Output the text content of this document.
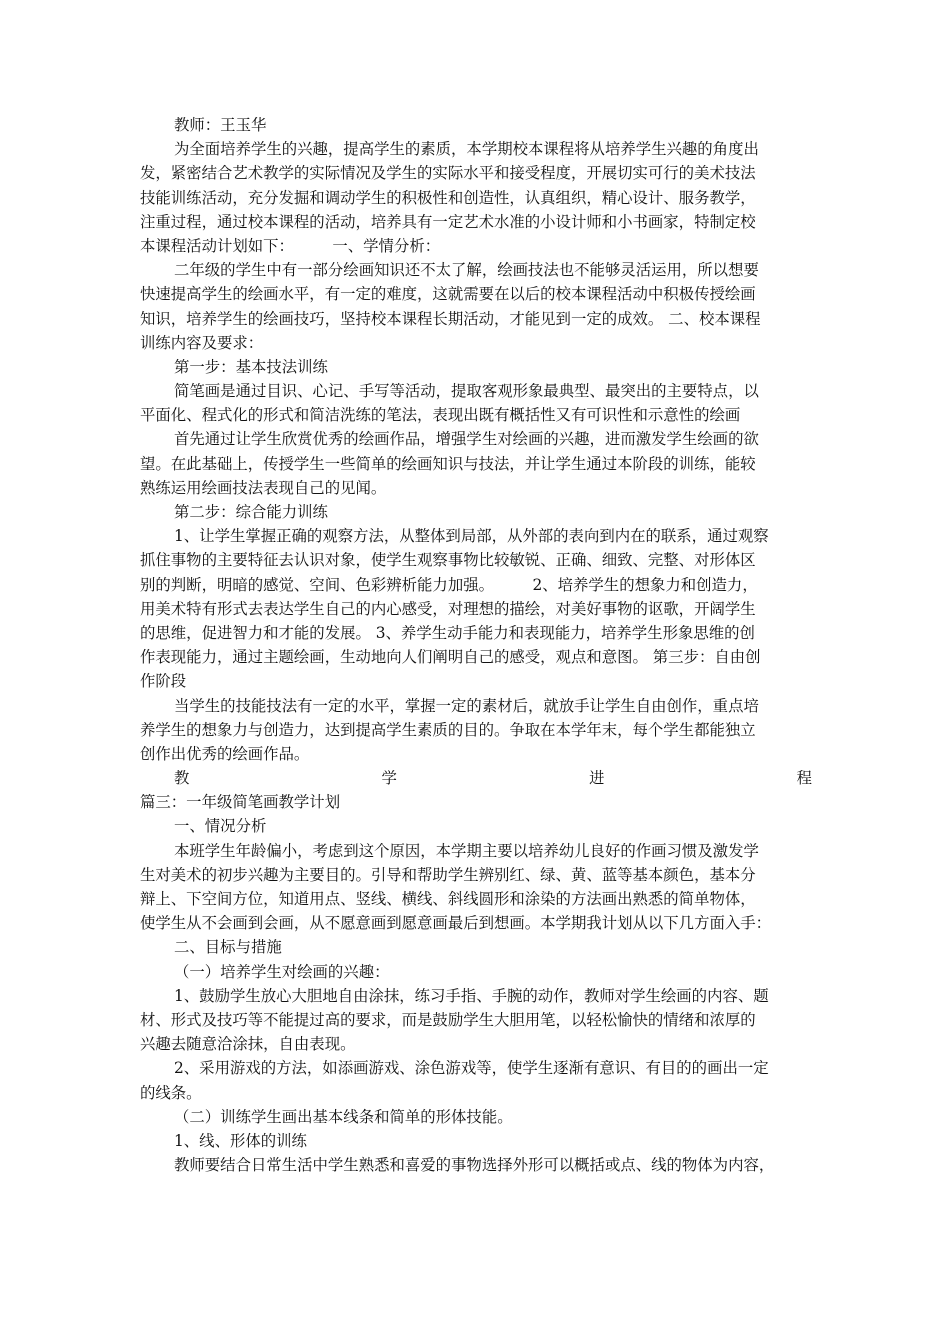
教师：王玉华
为全面培养学生的兴趣，提高学生的素质，本学期校本课程将从培养学生兴趣的角度出
发，紧密结合艺术教学的实际情况及学生的实际水平和接受程度，开展切实可行的美术技法
技能训练活动，充分发掘和调动学生的积极性和创造性，认真组织，精心设计、服务教学，
注重过程，通过校本课程的活动，培养具有一定艺术水准的小设计师和小书画家，特制定校
本课程活动计划如下：　　　一、学情分析：
二年级的学生中有一部分绘画知识还不太了解，绘画技法也不能够灵活运用，所以想要
快速提高学生的绘画水平，有一定的难度，这就需要在以后的校本课程活动中积极传授绘画
知识，培养学生的绘画技巧，坚持校本课程长期活动，才能见到一定的成效。 二、校本课程
训练内容及要求：
第一步：基本技法训练
简笔画是通过目识、心记、手写等活动，提取客观形象最典型、最突出的主要特点，以
平面化、程式化的形式和简洁洗练的笔法，表现出既有概括性又有可识性和示意性的绘画
首先通过让学生欣赏优秀的绘画作品，增强学生对绘画的兴趣，进而激发学生绘画的欲
望。在此基础上，传授学生一些简单的绘画知识与技法，并让学生通过本阶段的训练，能较
熟练运用绘画技法表现自己的见闻。
第二步：综合能力训练
1、让学生掌握正确的观察方法，从整体到局部，从外部的表向到内在的联系，通过观察
抓住事物的主要特征去认识对象，使学生观察事物比较敏锐、正确、细致、完整、对形体区
别的判断，明暗的感觉、空间、色彩辨析能力加强。　　　2、培养学生的想象力和创造力，
用美术特有形式去表达学生自己的内心感受，对理想的描绘，对美好事物的讴歌，开阔学生
的思维，促进智力和才能的发展。 3、养学生动手能力和表现能力，培养学生形象思维的创
作表现能力，通过主题绘画，生动地向人们阐明自己的感受，观点和意图。 第三步：自由创
作阶段
当学生的技能技法有一定的水平，掌握一定的素材后，就放手让学生自由创作，重点培
养学生的想象力与创造力，达到提高学生素质的目的。争取在本学年末，每个学生都能独立
创作出优秀的绘画作品。
教	学	进	程
篇三：一年级简笔画教学计划
一、情况分析
本班学生年龄偏小，考虑到这个原因，本学期主要以培养幼儿良好的作画习惯及激发学
生对美术的初步兴趣为主要目的。引导和帮助学生辨别红、绿、黄、蓝等基本颜色，基本分
辩上、下空间方位，知道用点、竖线、横线、斜线圆形和涂染的方法画出熟悉的简单物体，
使学生从不会画到会画，从不愿意画到愿意画最后到想画。本学期我计划从以下几方面入手：
二、目标与措施
（一）培养学生对绘画的兴趣：
1、鼓励学生放心大胆地自由涂抹，练习手指、手腕的动作，教师对学生绘画的内容、题
材、形式及技巧等不能提过高的要求，而是鼓励学生大胆用笔，以轻松愉快的情绪和浓厚的
兴趣去随意洽涂抹，自由表现。
2、采用游戏的方法，如添画游戏、涂色游戏等，使学生逐渐有意识、有目的的画出一定
的线条。
（二）训练学生画出基本线条和简单的形体技能。
1、线、形体的训练
教师要结合日常生活中学生熟悉和喜爱的事物选择外形可以概括或点、线的物体为内容，
